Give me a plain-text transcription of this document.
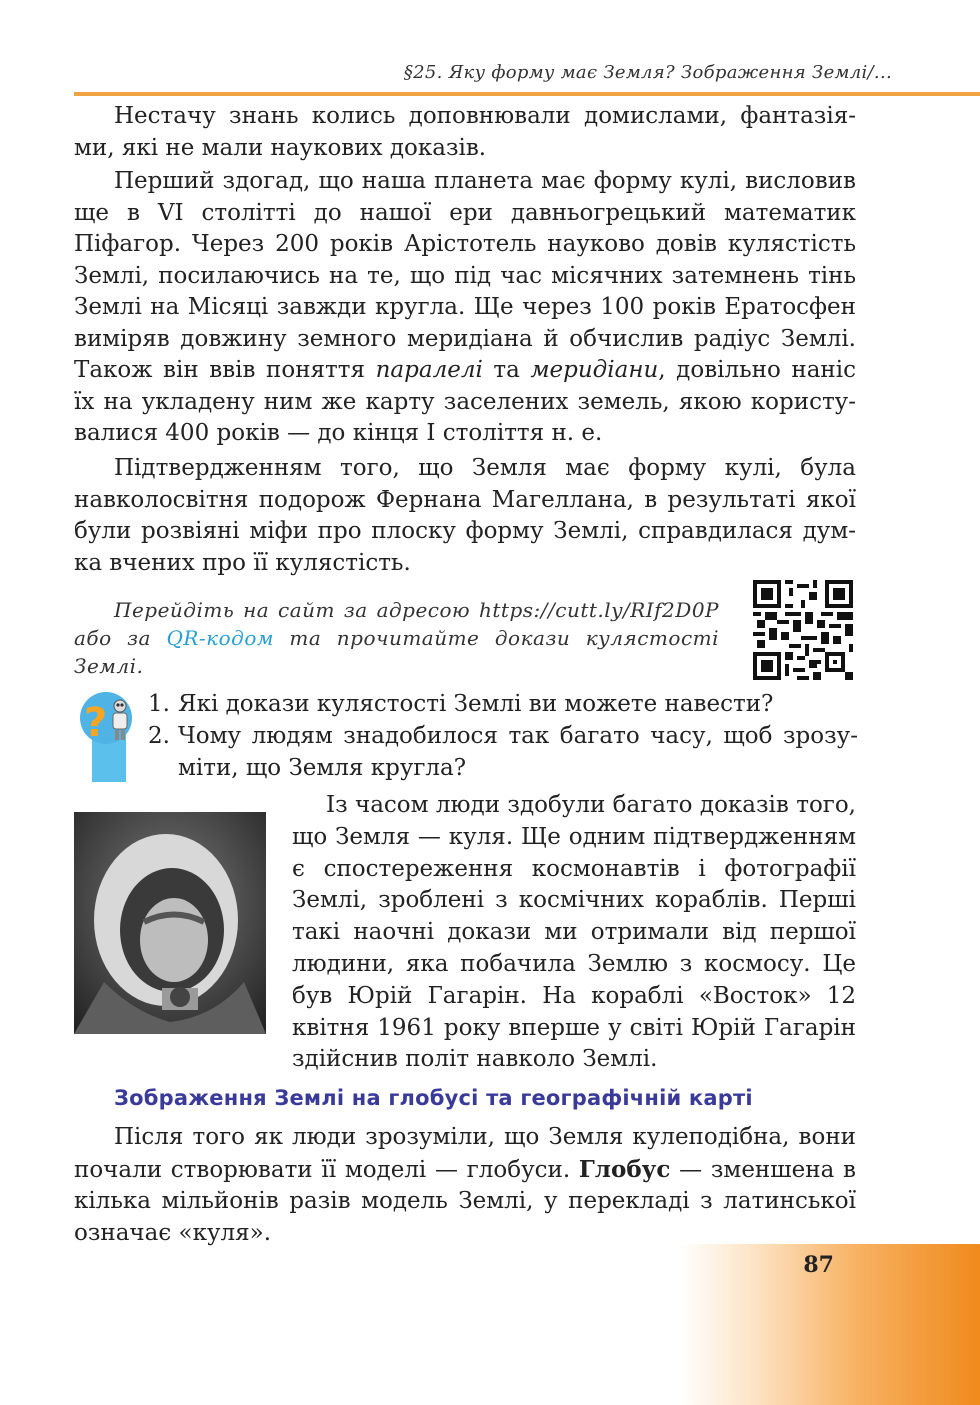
§25. Яку форму має Земля? Зображення Землі/...

Нестачу знань колись доповнювали домислами, фантазіями, які не мали наукових доказів.

Перший здогад, що наша планета має форму кулі, висловив ще в VI столітті до нашої ери давньогрецький математик Піфагор. Через 200 років Арістотель науково довів кулястість Землі, посилаючись на те, що під час місячних затемнень тінь Землі на Місяці завжди кругла. Ще через 100 років Ератосфен виміряв довжину земного меридіана й обчислив радіус Землі. Також він ввів поняття паралелі та меридіани, довільно наніс їх на укладену ним же карту заселених земель, якою користувалися 400 років — до кінця І століття н. е.

Підтвердженням того, що Земля має форму кулі, була навколосвітня подорож Фернана Магеллана, в результаті якої були розвіяні міфи про плоску форму Землі, справдилася думка вчених про її кулястість.

Перейдіть на сайт за адресою https://cutt.ly/RIf2D0P або за QR-кодом та прочитайте докази кулястості Землі.

? 1. Які докази кулястості Землі ви можете навести?
2. Чому людям знадобилося так багато часу, щоб зрозуміти, що Земля кругла?

Із часом люди здобули багато доказів того, що Земля — куля. Ще одним підтвердженням є спостереження космонавтів і фотографії Землі, зроблені з космічних кораблів. Перші такі наочні докази ми отримали від першої людини, яка побачила Землю з космосу. Це був Юрій Гагарін. На кораблі «Восток» 12 квітня 1961 року вперше у світі Юрій Гагарін здійснив політ навколо Землі.

Зображення Землі на глобусі та географічній карті

Після того як люди зрозуміли, що Земля кулеподібна, вони почали створювати її моделі — глобуси. Глобус — зменшена в кілька мільйонів разів модель Землі, у перекладі з латинської означає «куля».

87
